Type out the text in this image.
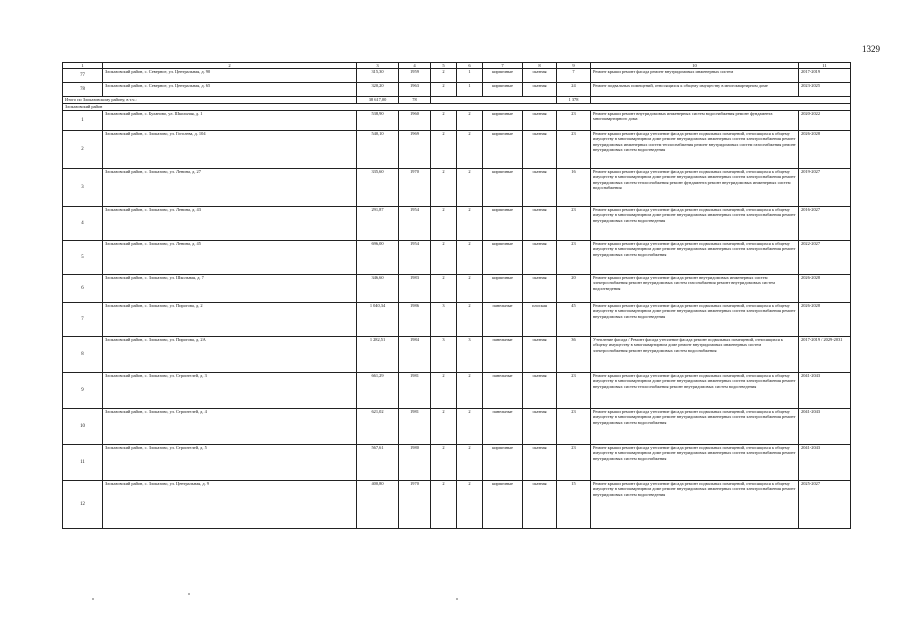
1329
1	2	3	4	5	6	7	8	9	10	11
77	Злоказовский район, с. Северное, ул. Центральная, д. 90	315,30	1959	2	1	кирпичные	скатная	7	Ремонт крыши ремонт фасада ремонт внутридомовых инженерных систем	2017-2019
78	Злоказовский район, с. Северное, ул. Центральная, д. 65	320,20	1963	2	1	кирпичные	скатная	24	Ремонт подвальных помещений, относящихся к общему имуществу в многоквартирном доме	2023-2025
Итого по Злоказовскому району, в т.ч.:		38 617,00	78					1 378		
Злоказовский район										
1	Злоказовский район, с. Буланово, ул. Школьная, д. 1	538,90	1960	2	2	кирпичные	скатная	23	Ремонт крыши ремонт внутридомовых инженерных систем водоснабжения ремонт фундамента многоквартирного дома	2020-2022
2	Злоказовский район, с. Злоказово, ул. Гоголева, д. 104	540,10	1969	2	2	кирпичные	скатная	23	Ремонт крыши ремонт фасада утепление фасада ремонт подвальных помещений, относящихся к общему имуществу в многоквартирном доме ремонт внутридомовых инженерных систем электроснабжения ремонт внутридомовых инженерных систем теплоснабжения ремонт внутридомовых систем газоснабжения ремонт внутридомовых систем водоотведения	2026-2028
3	Злоказовский район, с. Злоказово, ул. Ленина, д. 27	335,60	1970	2	2	кирпичные	скатная	16	Ремонт крыши ремонт фасада утепление фасада ремонт подвальных помещений, относящихся к общему имуществу в многоквартирном доме ремонт внутридомовых инженерных систем электроснабжения ремонт внутридомовых систем теплоснабжения ремонт фундамента ремонт внутридомовых инженерных систем водоснабжения	2019-2027
4	Злоказовский район, с. Злоказово, ул. Ленина, д. 43	291,87	1954	2	2	кирпичные	скатная	23	Ремонт крыши ремонт фасада утепление фасада ремонт подвальных помещений, относящихся к общему имуществу в многоквартирном доме ремонт внутридомовых инженерных систем электроснабжения ремонт внутридомовых систем водоотведения	2016-2027
5	Злоказовский район, с. Злоказово, ул. Ленина, д. 45	696,00	1954	2	2	кирпичные	скатная	23	Ремонт крыши ремонт фасада утепление фасада ремонт подвальных помещений, относящихся к общему имуществу в многоквартирном доме ремонт внутридомовых инженерных систем электроснабжения ремонт внутридомовых систем водоснабжения	2022-2027
6	Злоказовский район, с. Злоказово, ул. Школьная, д. 7	346,60	1983	2	2	кирпичные	скатная	20	Ремонт крыши ремонт фасада утепление фасада ремонт внутридомовых инженерных систем электроснабжения ремонт внутридомовых систем газоснабжения ремонт внутридомовых систем водоотведения	2026-2028
7	Злоказовский район, с. Злоказово, ул. Пирогова, д. 2	1 040,34	1986	3	2	панельные	плоская	45	Ремонт крыши ремонт фасада утепление фасада ремонт подвальных помещений, относящихся к общему имуществу в многоквартирном доме ремонт внутридомовых инженерных систем электроснабжения ремонт внутридомовых систем водоотведения	2026-2028
8	Злоказовский район, с. Злоказово, ул. Пирогова, д. 2А	1 282,51	1984	3	3	панельные	скатная	36	Утепление фасада / Ремонт фасада утепление фасада ремонт подвальных помещений, относящихся к общему имуществу в многоквартирном доме ремонт внутридомовых инженерных систем электроснабжения ремонт внутридомовых систем водоснабжения	2017-2019 / 2029-2031
9	Злоказовский район, с. Злоказово, ул. Строителей, д. 3	661,29	1981	2	2	панельные	скатная	23	Ремонт крыши ремонт фасада утепление фасада ремонт подвальных помещений, относящихся к общему имуществу в многоквартирном доме ремонт внутридомовых инженерных систем электроснабжения ремонт внутридомовых систем теплоснабжения ремонт внутридомовых систем водоотведения	2041-2043
10	Злоказовский район, с. Злоказово, ул. Строителей, д. 4	621,02	1981	2	2	панельные	скатная	23	Ремонт крыши ремонт фасада утепление фасада ремонт подвальных помещений, относящихся к общему имуществу в многоквартирном доме ремонт внутридомовых инженерных систем электроснабжения ремонт внутридомовых систем водоснабжения	2041-2043
11	Злоказовский район, с. Злоказово, ул. Строителей, д. 5	567,61	1980	2	2	кирпичные	скатная	23	Ремонт крыши ремонт фасада утепление фасада ремонт подвальных помещений, относящихся к общему имуществу в многоквартирном доме ремонт внутридомовых инженерных систем электроснабжения ремонт внутридомовых систем водоснабжения	2041-2043
12	Злоказовский район, с. Злоказово, ул. Центральная, д. 9	400,80	1970	2	2	кирпичные	скатная	15	Ремонт крыши ремонт фасада утепление фасада ремонт подвальных помещений, относящихся к общему имуществу в многоквартирном доме ремонт внутридомовых инженерных систем электроснабжения ремонт внутридомовых систем водоотведения	2025-2027
